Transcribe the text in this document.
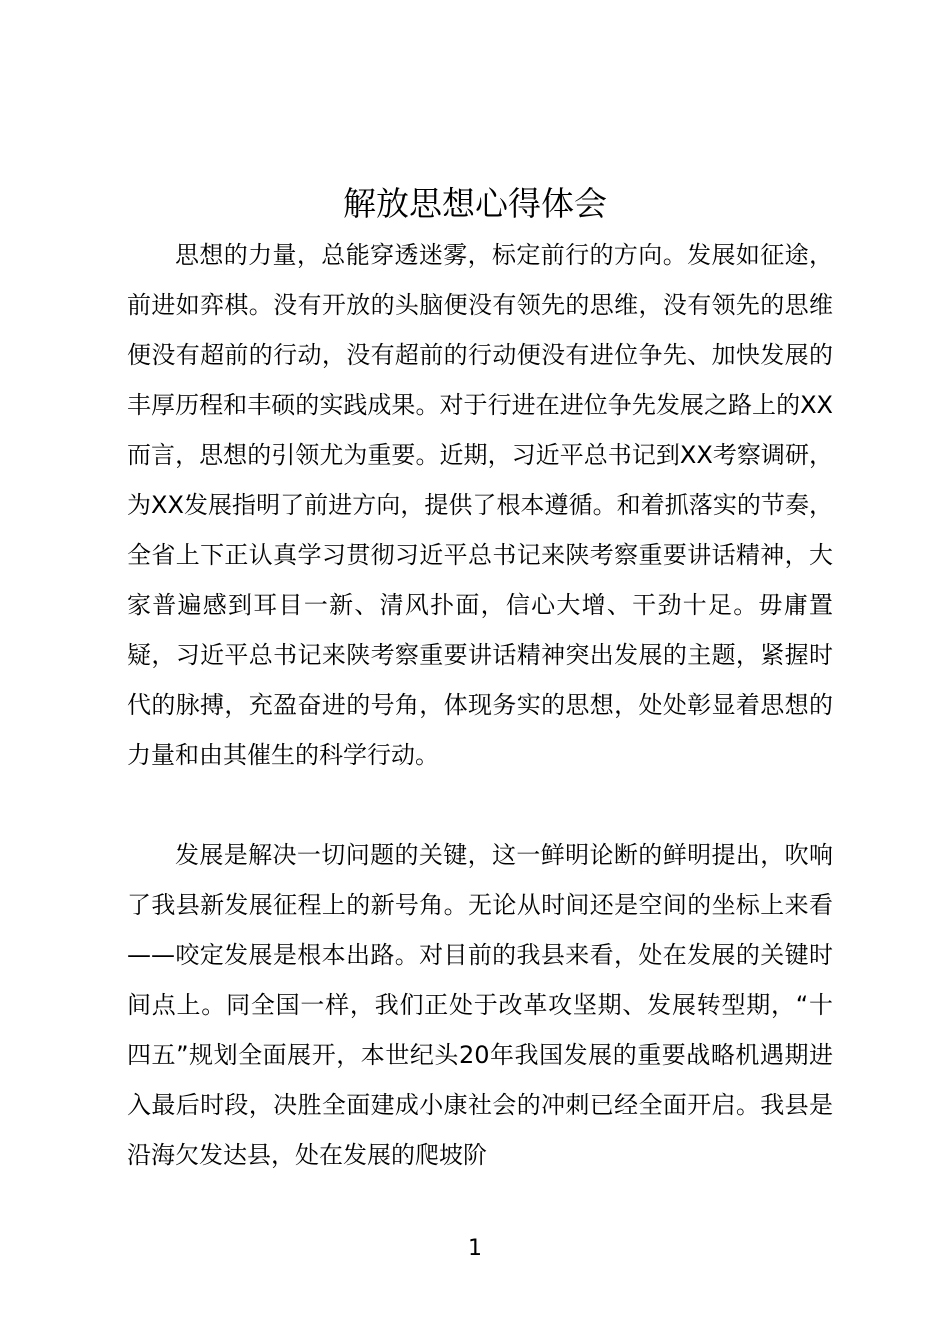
解放思想心得体会

思想的力量，总能穿透迷雾，标定前行的方向。发展如征途，前进如弈棋。没有开放的头脑便没有领先的思维，没有领先的思维便没有超前的行动，没有超前的行动便没有进位争先、加快发展的丰厚历程和丰硕的实践成果。对于行进在进位争先发展之路上的XX而言，思想的引领尤为重要。近期，习近平总书记到XX考察调研，为XX发展指明了前进方向，提供了根本遵循。和着抓落实的节奏，全省上下正认真学习贯彻习近平总书记来陕考察重要讲话精神，大家普遍感到耳目一新、清风扑面，信心大增、干劲十足。毋庸置疑，习近平总书记来陕考察重要讲话精神突出发展的主题，紧握时代的脉搏，充盈奋进的号角，体现务实的思想，处处彰显着思想的力量和由其催生的科学行动。

发展是解决一切问题的关键，这一鲜明论断的鲜明提出，吹响了我县新发展征程上的新号角。无论从时间还是空间的坐标上来看——咬定发展是根本出路。对目前的我县来看，处在发展的关键时间点上。同全国一样，我们正处于改革攻坚期、发展转型期，“十四五”规划全面展开，本世纪头20年我国发展的重要战略机遇期进入最后时段，决胜全面建成小康社会的冲刺已经全面开启。我县是沿海欠发达县，处在发展的爬坡阶

1
